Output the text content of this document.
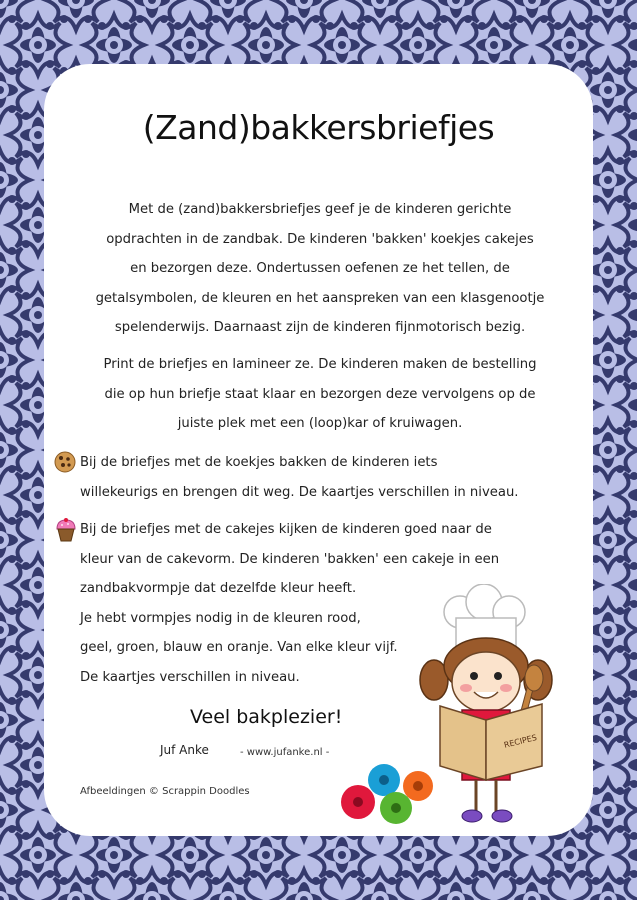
(Zand)bakkersbriefjes
Met de (zand)bakkersbriefjes geef je de kinderen gerichte
opdrachten in de zandbak. De kinderen 'bakken' koekjes cakejes
en bezorgen deze. Ondertussen oefenen ze het tellen, de
getalsymbolen, de kleuren en het aanspreken van een klasgenootje
spelenderwijs. Daarnaast zijn de kinderen fijnmotorisch bezig.
Print de briefjes en lamineer ze. De kinderen maken de bestelling
die op hun briefje staat klaar en bezorgen deze vervolgens op de
juiste plek met een (loop)kar of kruiwagen.
Bij de briefjes met de koekjes bakken de kinderen iets
willekeurigs en brengen dit weg. De kaartjes verschillen in niveau.
Bij de briefjes met de cakejes kijken de kinderen goed naar de
kleur van de cakevorm. De kinderen 'bakken' een cakeje in een
zandbakvormpje dat dezelfde kleur heeft.
Je hebt vormpjes nodig in de kleuren rood,
geel, groen, blauw en oranje. Van elke kleur vijf.
De kaartjes verschillen in niveau.
Veel bakplezier!
Juf Anke	- www.jufanke.nl -
Afbeeldingen © Scrappin Doodles
RECIPES
